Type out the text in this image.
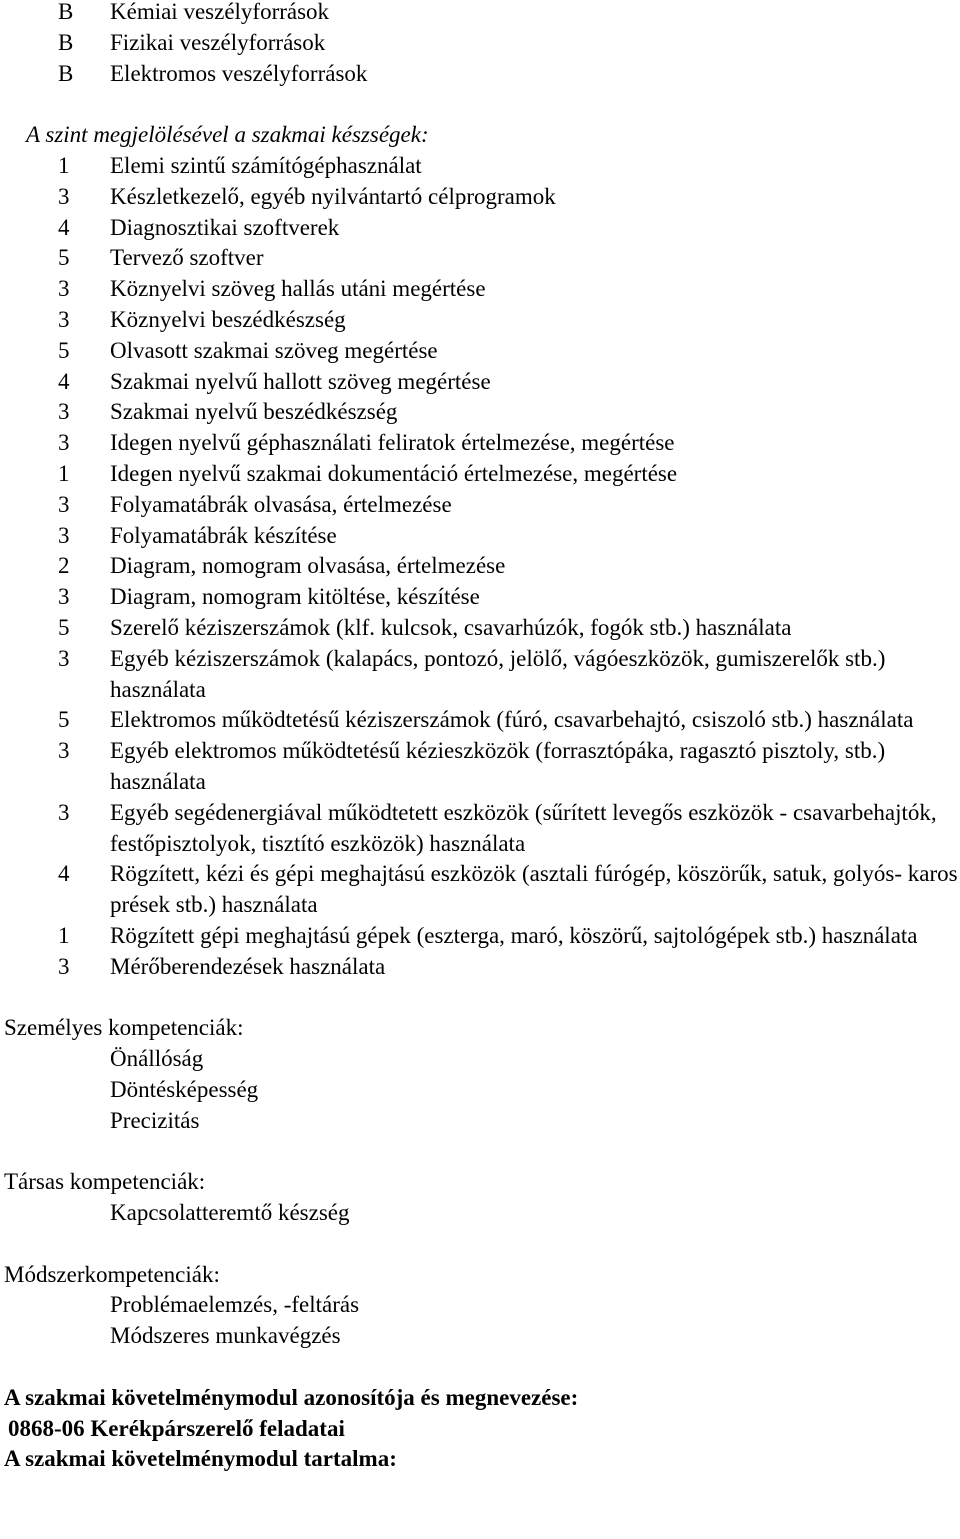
B	Kémiai veszélyforrások
B	Fizikai veszélyforrások
B	Elektromos veszélyforrások
A szint megjelölésével a szakmai készségek:
1	Elemi szintű számítógéphasználat
3	Készletkezelő, egyéb nyilvántartó célprogramok
4	Diagnosztikai szoftverek
5	Tervező szoftver
3	Köznyelvi szöveg hallás utáni megértése
3	Köznyelvi beszédkészség
5	Olvasott szakmai szöveg megértése
4	Szakmai nyelvű hallott szöveg megértése
3	Szakmai nyelvű beszédkészség
3	Idegen nyelvű géphasználati feliratok értelmezése, megértése
1	Idegen nyelvű szakmai dokumentáció értelmezése, megértése
3	Folyamatábrák olvasása, értelmezése
3	Folyamatábrák készítése
2	Diagram, nomogram olvasása, értelmezése
3	Diagram, nomogram kitöltése, készítése
5	Szerelő kéziszerszámok (klf. kulcsok, csavarhúzók, fogók stb.) használata
3	Egyéb kéziszerszámok (kalapács, pontozó, jelölő, vágóeszközök, gumiszerelők stb.) használata
5	Elektromos működtetésű kéziszerszámok (fúró, csavarbehajtó, csiszoló stb.) használata
3	Egyéb elektromos működtetésű kézieszközök (forrasztópáka, ragasztó pisztoly, stb.) használata
3	Egyéb segédenergiával működtetett eszközök (sűrített levegős eszközök - csavarbehajtók, festőpisztolyok, tisztító eszközök) használata
4	Rögzített, kézi és gépi meghajtású eszközök (asztali fúrógép, köszörűk, satuk, golyós- karos prések stb.) használata
1	Rögzített gépi meghajtású gépek (eszterga, maró, köszörű, sajtológépek stb.) használata
3	Mérőberendezések használata
Személyes kompetenciák:
Önállóság
Döntésképesség
Precizitás
Társas kompetenciák:
Kapcsolatteremtő készség
Módszerkompetenciák:
Problémaelemzés, -feltárás
Módszeres munkavégzés
A szakmai követelménymodul azonosítója és megnevezése:
0868-06 Kerékpárszerelő feladatai
A szakmai követelménymodul tartalma:
